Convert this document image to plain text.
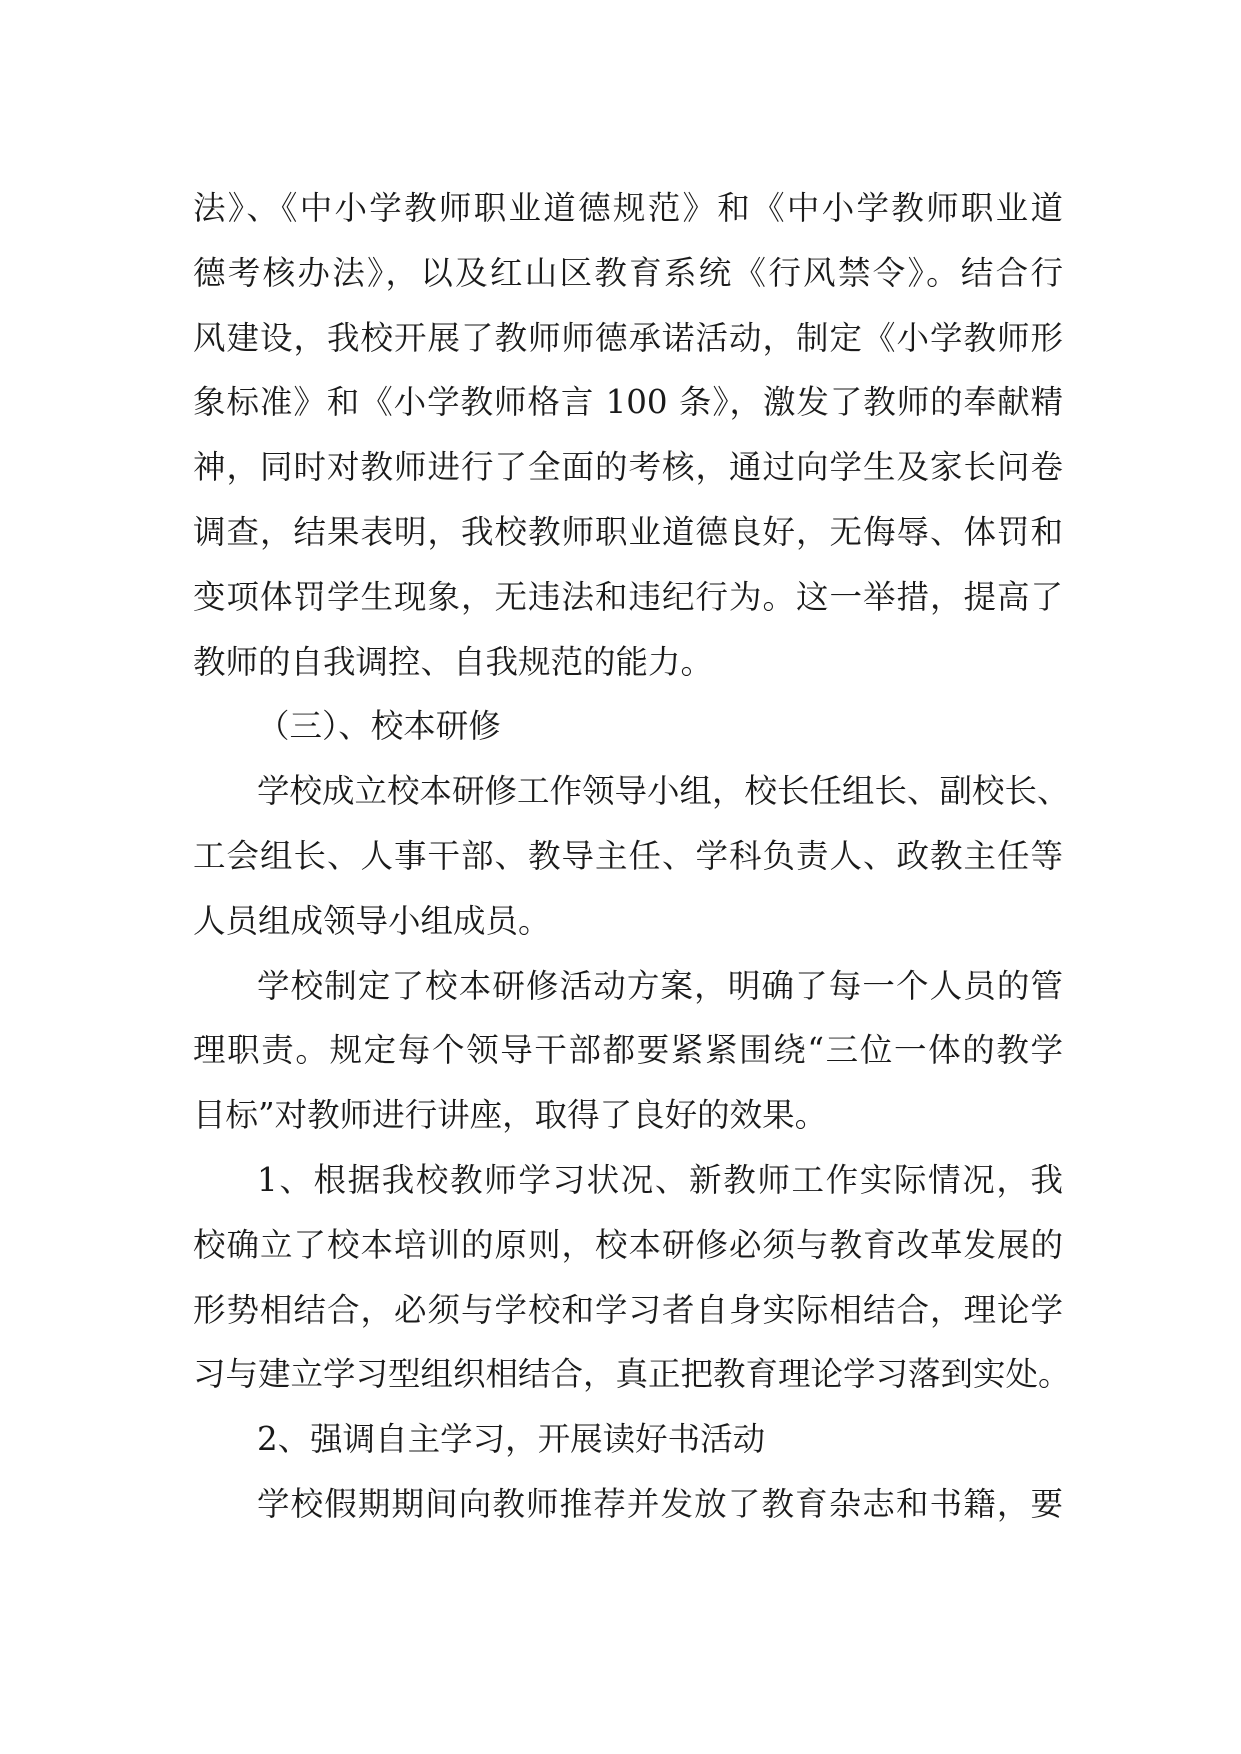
法》、《中小学教师职业道德规范》和《中小学教师职业道
德考核办法》，以及红山区教育系统《行风禁令》。结合行
风建设，我校开展了教师师德承诺活动，制定《小学教师形
象标准》和《小学教师格言 100 条》，激发了教师的奉献精
神，同时对教师进行了全面的考核，通过向学生及家长问卷
调查，结果表明，我校教师职业道德良好，无侮辱、体罚和
变项体罚学生现象，无违法和违纪行为。这一举措，提高了
教师的自我调控、自我规范的能力。
（三）、校本研修
学校成立校本研修工作领导小组，校长任组长、副校长、
工会组长、人事干部、教导主任、学科负责人、政教主任等
人员组成领导小组成员。
学校制定了校本研修活动方案，明确了每一个人员的管
理职责。规定每个领导干部都要紧紧围绕“三位一体的教学
目标”对教师进行讲座，取得了良好的效果。
1、根据我校教师学习状况、新教师工作实际情况，我
校确立了校本培训的原则，校本研修必须与教育改革发展的
形势相结合，必须与学校和学习者自身实际相结合，理论学
习与建立学习型组织相结合，真正把教育理论学习落到实处。
2、强调自主学习，开展读好书活动
学校假期期间向教师推荐并发放了教育杂志和书籍，要
